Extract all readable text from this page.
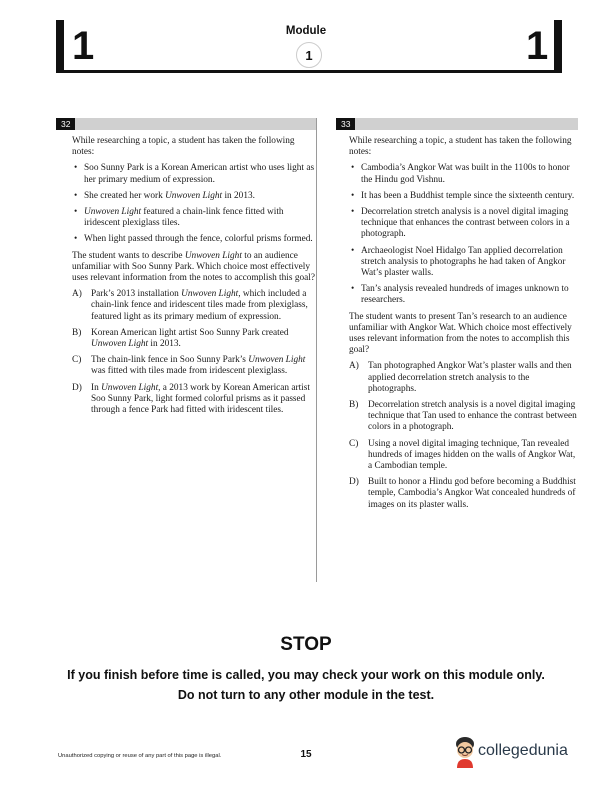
1	1
Module
1
32

While researching a topic, a student has taken the following notes:

• Soo Sunny Park is a Korean American artist who uses light as her primary medium of expression.
• She created her work Unwoven Light in 2013.
• Unwoven Light featured a chain-link fence fitted with iridescent plexiglass tiles.
• When light passed through the fence, colorful prisms formed.

The student wants to describe Unwoven Light to an audience unfamiliar with Soo Sunny Park. Which choice most effectively uses relevant information from the notes to accomplish this goal?

A) Park’s 2013 installation Unwoven Light, which included a chain-link fence and iridescent tiles made from plexiglass, featured light as its primary medium of expression.
B) Korean American light artist Soo Sunny Park created Unwoven Light in 2013.
C) The chain-link fence in Soo Sunny Park’s Unwoven Light was fitted with tiles made from iridescent plexiglass.
D) In Unwoven Light, a 2013 work by Korean American artist Soo Sunny Park, light formed colorful prisms as it passed through a fence Park had fitted with iridescent tiles.
33

While researching a topic, a student has taken the following notes:

• Cambodia’s Angkor Wat was built in the 1100s to honor the Hindu god Vishnu.
• It has been a Buddhist temple since the sixteenth century.
• Decorrelation stretch analysis is a novel digital imaging technique that enhances the contrast between colors in a photograph.
• Archaeologist Noel Hidalgo Tan applied decorrelation stretch analysis to photographs he had taken of Angkor Wat’s plaster walls.
• Tan’s analysis revealed hundreds of images unknown to researchers.

The student wants to present Tan’s research to an audience unfamiliar with Angkor Wat. Which choice most effectively uses relevant information from the notes to accomplish this goal?

A) Tan photographed Angkor Wat’s plaster walls and then applied decorrelation stretch analysis to the photographs.
B) Decorrelation stretch analysis is a novel digital imaging technique that Tan used to enhance the contrast between colors in a photograph.
C) Using a novel digital imaging technique, Tan revealed hundreds of images hidden on the walls of Angkor Wat, a Cambodian temple.
D) Built to honor a Hindu god before becoming a Buddhist temple, Cambodia’s Angkor Wat concealed hundreds of images on its plaster walls.
STOP
If you finish before time is called, you may check your work on this module only.
Do not turn to any other module in the test.
Unauthorized copying or reuse of any part of this page is illegal.	15	collegedunia
